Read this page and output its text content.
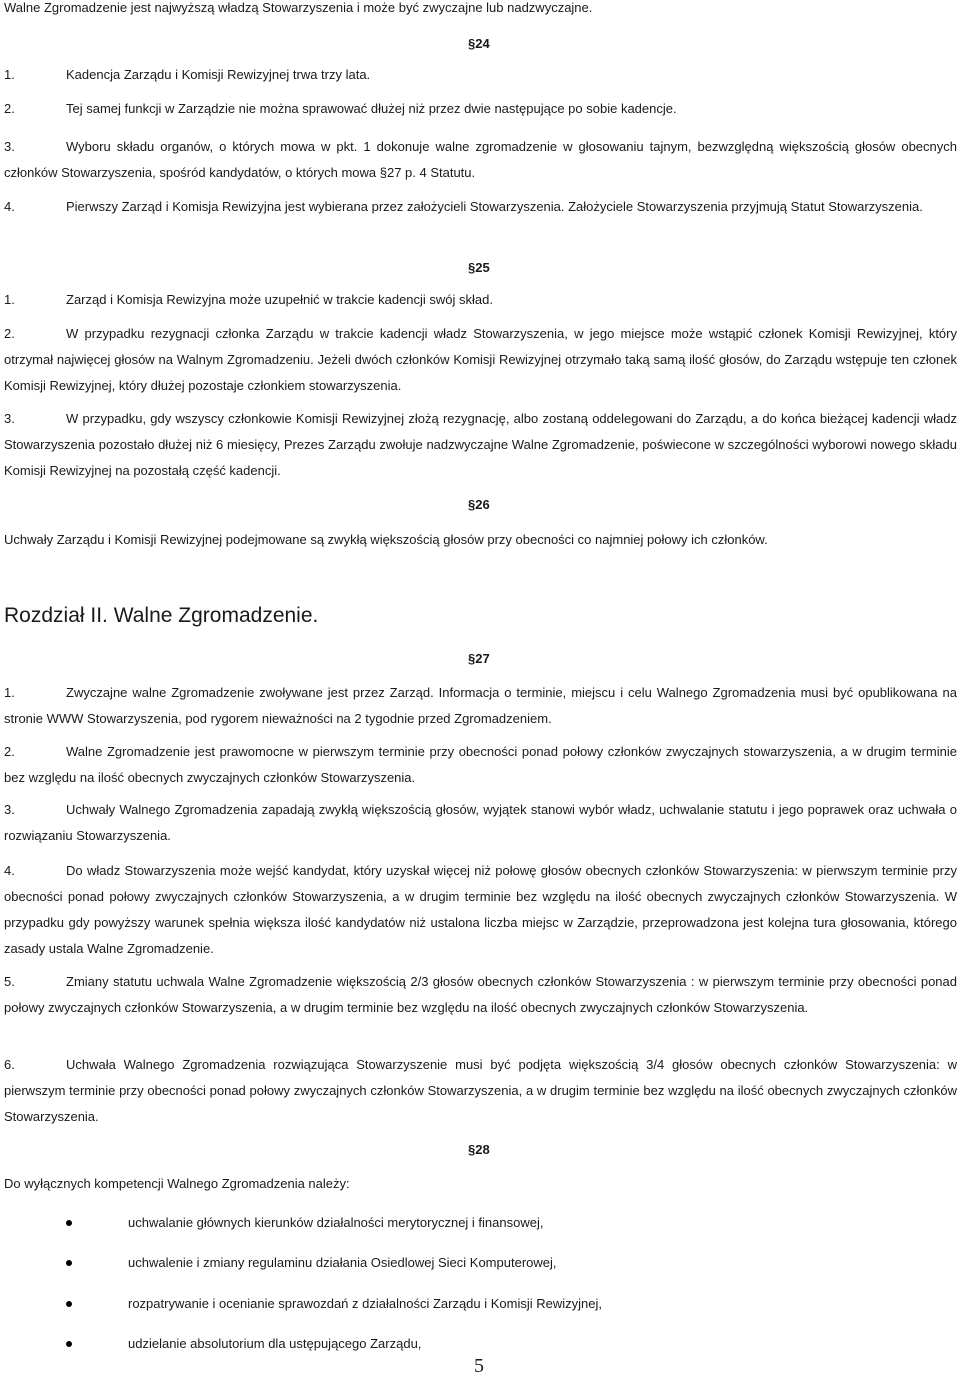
Walne Zgromadzenie jest najwyższą władzą Stowarzyszenia i może być zwyczajne lub nadzwyczajne.
§24
1.	Kadencja Zarządu i Komisji Rewizyjnej trwa trzy lata.
2.	Tej samej funkcji w Zarządzie nie można sprawować dłużej niż przez dwie następujące po sobie kadencje.
3.	Wyboru składu organów, o których mowa w pkt. 1 dokonuje walne zgromadzenie w głosowaniu tajnym, bezwzględną większością głosów obecnych członków Stowarzyszenia, spośród kandydatów, o których mowa §27 p. 4 Statutu.
4.	Pierwszy Zarząd i Komisja Rewizyjna jest wybierana przez założycieli Stowarzyszenia. Założyciele Stowarzyszenia przyjmują Statut Stowarzyszenia.
§25
1.	Zarząd i Komisja Rewizyjna może uzupełnić w trakcie kadencji swój skład.
2.	W przypadku rezygnacji członka Zarządu w trakcie kadencji władz Stowarzyszenia, w jego miejsce może wstąpić członek Komisji Rewizyjnej, który otrzymał najwięcej głosów na Walnym Zgromadzeniu. Jeżeli dwóch członków Komisji Rewizyjnej otrzymało taką samą ilość głosów, do Zarządu wstępuje ten członek Komisji Rewizyjnej, który dłużej pozostaje członkiem stowarzyszenia.
3.	W przypadku, gdy wszyscy członkowie Komisji Rewizyjnej złożą rezygnację, albo zostaną oddelegowani do Zarządu, a do końca bieżącej kadencji władz Stowarzyszenia pozostało dłużej niż 6 miesięcy, Prezes Zarządu zwołuje nadzwyczajne Walne Zgromadzenie, poświecone w szczególności wyborowi nowego składu Komisji Rewizyjnej na pozostałą część kadencji.
§26
Uchwały Zarządu i Komisji Rewizyjnej podejmowane są zwykłą większością głosów przy obecności co najmniej połowy ich członków.
Rozdział II. Walne Zgromadzenie.
§27
1.	Zwyczajne walne Zgromadzenie zwoływane jest przez Zarząd. Informacja o terminie, miejscu i celu Walnego Zgromadzenia musi być opublikowana na stronie WWW Stowarzyszenia, pod rygorem nieważności na 2 tygodnie przed Zgromadzeniem.
2.	Walne Zgromadzenie jest prawomocne w pierwszym terminie przy obecności ponad połowy członków zwyczajnych stowarzyszenia, a w drugim terminie bez względu na ilość obecnych zwyczajnych członków Stowarzyszenia.
3.	Uchwały Walnego Zgromadzenia zapadają zwykłą większością głosów, wyjątek stanowi wybór władz, uchwalanie statutu i jego poprawek oraz uchwała o rozwiązaniu Stowarzyszenia.
4.	Do władz Stowarzyszenia może wejść kandydat, który uzyskał więcej niż połowę głosów obecnych członków Stowarzyszenia: w pierwszym terminie przy obecności ponad połowy zwyczajnych członków Stowarzyszenia, a w drugim terminie bez względu na ilość obecnych zwyczajnych członków Stowarzyszenia. W przypadku gdy powyższy warunek spełnia większa ilość kandydatów niż ustalona liczba miejsc w Zarządzie, przeprowadzona jest kolejna tura głosowania, którego zasady ustala Walne Zgromadzenie.
5.	Zmiany statutu uchwala Walne Zgromadzenie większością 2/3 głosów obecnych członków Stowarzyszenia : w pierwszym terminie przy obecności ponad połowy zwyczajnych członków Stowarzyszenia, a w drugim terminie bez względu na ilość obecnych zwyczajnych członków Stowarzyszenia.
6.	Uchwała Walnego Zgromadzenia rozwiązująca Stowarzyszenie musi być podjęta większością 3/4 głosów obecnych członków Stowarzyszenia: w pierwszym terminie przy obecności ponad połowy zwyczajnych członków Stowarzyszenia, a w drugim terminie bez względu na ilość obecnych zwyczajnych członków Stowarzyszenia.
§28
Do wyłącznych kompetencji Walnego Zgromadzenia należy:
uchwalanie głównych kierunków działalności merytorycznej i finansowej,
uchwalenie i zmiany regulaminu działania Osiedlowej Sieci Komputerowej,
rozpatrywanie i ocenianie sprawozdań z działalności Zarządu i Komisji Rewizyjnej,
udzielanie absolutorium dla ustępującego Zarządu,
5
